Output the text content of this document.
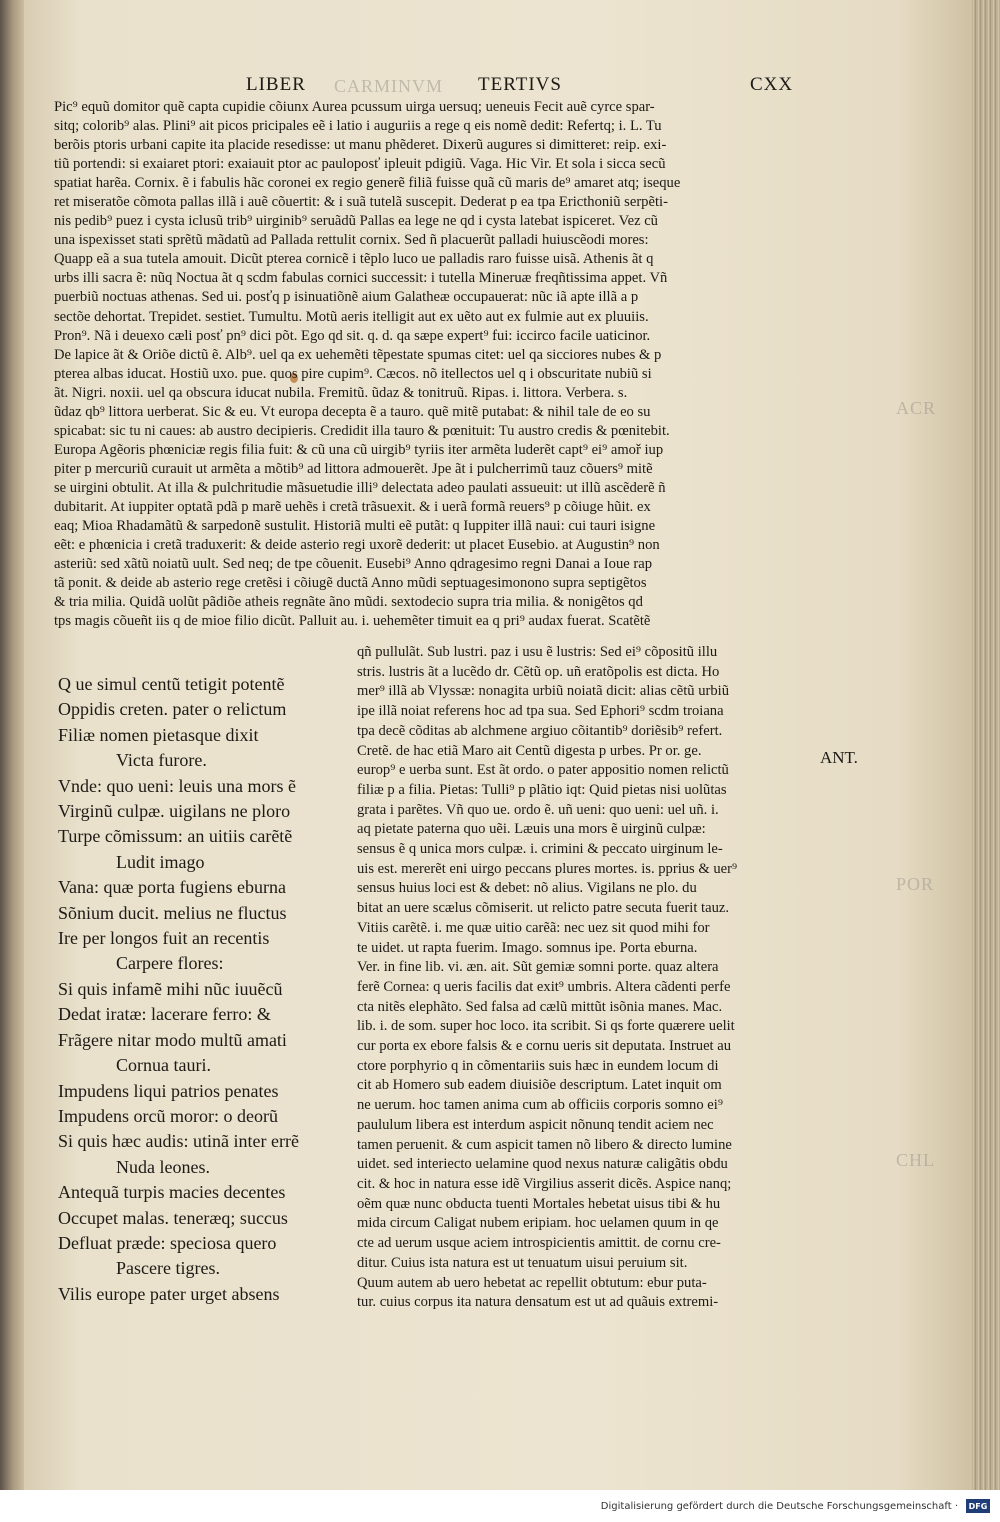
CARMINVM
ACR
POR
CHL
LIBER	TERTIVS	CXX
Pic⁹ equũ domitor quẽ capta cupidie cõiunx Aurea pcussum uirga uersuq; ueneuis Fecit auẽ cyrce spar-
sitq; colorib⁹ alas. Plini⁹ ait picos pricipales eẽ i latio i auguriis a rege q eis nomẽ dedit: Refertq; i. L. Tu
berõis ptoris urbani capite ita placide resedisse: ut manu phẽderet. Dixerũ augures si dimitteret: reip. exi-
tiũ portendi: si exaiaret ptori: exaiauit ptor ac pauloposť ipleuit pdigiũ. Vaga. Hic Vir. Et sola i sicca secũ
spatiat harẽa. Cornix. ẽ i fabulis hãc coronei ex regio generẽ filiã fuisse quã cũ maris de⁹ amaret atq; iseque
ret miseratõe cõmota pallas illã i auẽ cõuertit: & i suã tutelã suscepit. Dederat p ea tpa Ericthoniũ serpẽti-
nis pedib⁹ puez i cysta iclusũ trib⁹ uirginib⁹ seruãdũ Pallas ea lege ne qd i cysta latebat ispiceret. Vez cũ
una ispexisset stati sprẽtũ mãdatũ ad Pallada rettulit cornix. Sed ñ placuerũt palladi huiuscẽodi mores:
Quapp eã a sua tutela amouit. Dicũt pterea cornicẽ i tẽplo luco ue palladis raro fuisse uisã. Athenis ãt q
urbs illi sacra ẽ: nũq Noctua ãt q scdm fabulas cornici successit: i tutella Mineruæ freqñtissima appet. Vñ
puerbiũ noctuas athenas. Sed ui. posťq p isinuatiõnẽ aium Galatheæ occupauerat: nũc iã apte illã a p
sectõe dehortat. Trepidet. sestiet. Tumultu. Motũ aeris itelligit aut ex uẽto aut ex fulmie aut ex pluuiis.
Pron⁹. Nã i deuexo cæli posť pn⁹ dici põt. Ego qd sit. q. d. qa sæpe expert⁹ fui: iccirco facile uaticinor.
De lapice ãt & Oriõe dictũ ẽ. Alb⁹. uel qa ex uehemẽti tẽpestate spumas citet: uel qa sicciores nubes & p
pterea albas iducat. Hostiũ uxo. pue. quos pire cupim⁹. Cæcos. nõ itellectos uel q i obscuritate nubiũ si
ãt. Nigri. noxii. uel qa obscura iducat nubila. Fremitũ. ũdaz & tonitruũ. Ripas. i. littora. Verbera. s.
ũdaz qb⁹ littora uerberat. Sic & eu. Vt europa decepta ẽ a tauro. quẽ mitẽ putabat: & nihil tale de eo su
spicabat: sic tu ni caues: ab austro decipieris. Credidit illa tauro & pœnituit: Tu austro credis & pœnitebit.
Europa Agẽoris phœniciæ regis filia fuit: & cũ una cũ uirgib⁹ tyriis iter armẽta luderẽt capt⁹ ei⁹ amoř iup
piter p mercuriũ curauit ut armẽta a mõtib⁹ ad littora admouerẽt. Jpe ãt i pulcherrimũ tauz cõuers⁹ mitẽ
se uirgini obtulit. At illa & pulchritudie mãsuetudie illi⁹ delectata adeo paulati assueuit: ut illũ ascẽderẽ ñ
dubitarit. At iuppiter optatã pdã p marẽ uehẽs i cretã trãsuexit. & i uerã formã reuers⁹ p cõiuge hũit. ex
eaq; Mioa Rhadamãtũ & sarpedonẽ sustulit. Historiã multi eẽ putãt: q Iuppiter illã naui: cui tauri isigne
eẽt: e phœnicia i cretã traduxerit: & deide asterio regi uxorẽ dederit: ut placet Eusebio. at Augustin⁹ non
asteriũ: sed xãtũ noiatũ uult. Sed neq; de tpe cõuenit. Eusebi⁹ Anno qdragesimo regni Danai a Ioue rap
tã ponit. & deide ab asterio rege cretẽsi i cõiugẽ ductã Anno mũdi septuagesimonono supra septigẽtos
& tria milia. Quidã uolũt pãdiõe atheis regnãte ãno mũdi. sextodecio supra tria milia. & nonigẽtos qd
tps magis cõueñt iis q de mioe filio dicũt. Palluit au. i. uehemẽter timuit ea q pri⁹ audax fuerat. Scatẽtẽ
Q ue simul centũ tetigit potentẽ
Oppidis creten. pater o relictum
Filiæ nomen pietasque dixit
Victa furore.
Vnde: quo ueni: leuis una mors ẽ
Virginũ culpæ. uigilans ne ploro
Turpe cõmissum: an uitiis carẽtẽ
Ludit imago
Vana: quæ porta fugiens eburna
Sõnium ducit. melius ne fluctus
Ire per longos fuit an recentis
Carpere flores:
Si quis infamẽ mihi nũc iuuẽcũ
Dedat iratæ: lacerare ferro: &
Frãgere nitar modo multũ amati
Cornua tauri.
Impudens liqui patrios penates
Impudens orcũ moror: o deorũ
Si quis hæc audis: utinã inter errẽ
Nuda leones.
Antequã turpis macies decentes
Occupet malas. teneræq; succus
Defluat præde: speciosa quero
Pascere tigres.
Vilis europe pater urget absens
qñ pullulãt. Sub lustri. paz i usu ẽ lustris: Sed ei⁹ cõpositũ illu
stris. lustris ãt a lucẽdo dr. Cẽtũ op. uñ eratõpolis est dicta. Ho
mer⁹ illã ab Vlyssæ: nonagita urbiũ noiatã dicit: alias cẽtũ urbiũ
ipe illã noiat referens hoc ad tpa sua. Sed Ephori⁹ scdm troiana
tpa decẽ cõditas ab alchmene argiuo cõitantib⁹ doriẽsib⁹ refert.
Cretẽ. de hac etiã Maro ait Centũ digesta p urbes. Pr or. ge.
europ⁹ e uerba sunt. Est ãt ordo. o pater appositio nomen relictũ
filiæ p a filia. Pietas: Tulli⁹ p plãtio iqt: Quid pietas nisi uolũtas
grata i parẽtes. Vñ quo ue. ordo ẽ. uñ ueni: quo ueni: uel uñ. i.
aq pietate paterna quo uẽi. Læuis una mors ẽ uirginũ culpæ:
sensus ẽ q unica mors culpæ. i. crimini & peccato uirginum le-
uis est. mererẽt eni uirgo peccans plures mortes. is. pprius & uer⁹
sensus huius loci est & debet: nõ alius. Vigilans ne plo. du
bitat an uere scælus cõmiserit. ut relicto patre secuta fuerit tauz.
Vitiis carẽtẽ. i. me quæ uitio carẽã: nec uez sit quod mihi for
te uidet. ut rapta fuerim. Imago. somnus ipe. Porta eburna.
Ver. in fine lib. vi. æn. ait. Sũt gemiæ somni porte. quaz altera
ferẽ Cornea: q ueris facilis dat exit⁹ umbris. Altera cãdenti perfe
cta nitẽs elephãto. Sed falsa ad cælũ mittũt isõnia manes. Mac.
lib. i. de som. super hoc loco. ita scribit. Si qs forte quærere uelit
cur porta ex ebore falsis & e cornu ueris sit deputata. Instruet au
ctore porphyrio q in cõmentariis suis hæc in eundem locum di
cit ab Homero sub eadem diuisiõe descriptum. Latet inquit om
ne uerum. hoc tamen anima cum ab officiis corporis somno ei⁹
paululum libera est interdum aspicit nõnunq tendit aciem nec
tamen peruenit. & cum aspicit tamen nõ libero & directo lumine
uidet. sed interiecto uelamine quod nexus naturæ caligãtis obdu
cit. & hoc in natura esse idẽ Virgilius asserit dicẽs. Aspice nanq;
oẽm quæ nunc obducta tuenti Mortales hebetat uisus tibi & hu
mida circum Caligat nubem eripiam. hoc uelamen quum in qe
cte ad uerum usque aciem introspicientis amittit. de cornu cre-
ditur. Cuius ista natura est ut tenuatum uisui peruium sit.
Quum autem ab uero hebetat ac repellit obtutum: ebur puta-
tur. cuius corpus ita natura densatum est ut ad quãuis extremi-
ANT.
Digitalisierung gefördert durch die Deutsche Forschungsgemeinschaft ·	DFG
